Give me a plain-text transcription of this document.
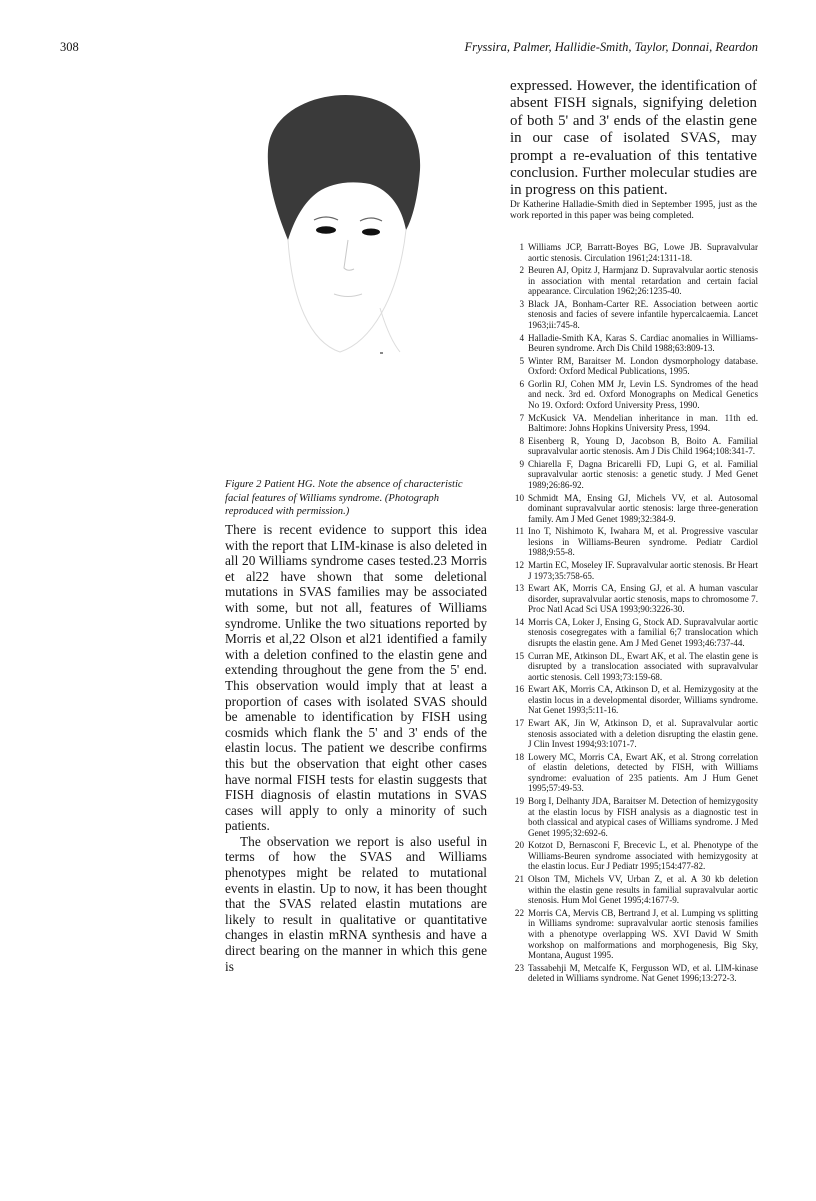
308	Fryssira, Palmer, Hallidie-Smith, Taylor, Donnai, Reardon

Figure 2 Patient HG. Note the absence of characteristic facial features of Williams syndrome. (Photograph reproduced with permission.)

There is recent evidence to support this idea with the report that LIM-kinase is also deleted in all 20 Williams syndrome cases tested.23 Morris et al22 have shown that some deletional mutations in SVAS families may be associated with some, but not all, features of Williams syndrome. Unlike the two situations reported by Morris et al,22 Olson et al21 identified a family with a deletion confined to the elastin gene and extending throughout the gene from the 5' end. This observation would imply that at least a proportion of cases with isolated SVAS should be amenable to identification by FISH using cosmids which flank the 5' and 3' ends of the elastin locus. The patient we describe confirms this but the observation that eight other cases have normal FISH tests for elastin suggests that FISH diagnosis of elastin mutations in SVAS cases will apply to only a minority of such patients.

The observation we report is also useful in terms of how the SVAS and Williams phenotypes might be related to mutational events in elastin. Up to now, it has been thought that the SVAS related elastin mutations are likely to result in qualitative or quantitative changes in elastin mRNA synthesis and have a direct bearing on the manner in which this gene is

expressed. However, the identification of absent FISH signals, signifying deletion of both 5' and 3' ends of the elastin gene in our case of isolated SVAS, may prompt a re-evaluation of this tentative conclusion. Further molecular studies are in progress on this patient.

Dr Katherine Halladie-Smith died in September 1995, just as the work reported in this paper was being completed.

1 Williams JCP, Barratt-Boyes BG, Lowe JB. Supravalvular aortic stenosis. Circulation 1961;24:1311-18.
2 Beuren AJ, Opitz J, Harmjanz D. Supravalvular aortic stenosis in association with mental retardation and certain facial appearance. Circulation 1962;26:1235-40.
3 Black JA, Bonham-Carter RE. Association between aortic stenosis and facies of severe infantile hypercalcaemia. Lancet 1963;ii:745-8.
4 Halladie-Smith KA, Karas S. Cardiac anomalies in Williams-Beuren syndrome. Arch Dis Child 1988;63:809-13.
5 Winter RM, Baraitser M. London dysmorphology database. Oxford: Oxford Medical Publications, 1995.
6 Gorlin RJ, Cohen MM Jr, Levin LS. Syndromes of the head and neck. 3rd ed. Oxford Monographs on Medical Genetics No 19. Oxford: Oxford University Press, 1990.
7 McKusick VA. Mendelian inheritance in man. 11th ed. Baltimore: Johns Hopkins University Press, 1994.
8 Eisenberg R, Young D, Jacobson B, Boito A. Familial supravalvular aortic stenosis. Am J Dis Child 1964;108:341-7.
9 Chiarella F, Dagna Bricarelli FD, Lupi G, et al. Familial supravalvular aortic stenosis: a genetic study. J Med Genet 1989;26:86-92.
10 Schmidt MA, Ensing GJ, Michels VV, et al. Autosomal dominant supravalvular aortic stenosis: large three-generation family. Am J Med Genet 1989;32:384-9.
11 Ino T, Nishimoto K, Iwahara M, et al. Progressive vascular lesions in Williams-Beuren syndrome. Pediatr Cardiol 1988;9:55-8.
12 Martin EC, Moseley IF. Supravalvular aortic stenosis. Br Heart J 1973;35:758-65.
13 Ewart AK, Morris CA, Ensing GJ, et al. A human vascular disorder, supravalvular aortic stenosis, maps to chromosome 7. Proc Natl Acad Sci USA 1993;90:3226-30.
14 Morris CA, Loker J, Ensing G, Stock AD. Supravalvular aortic stenosis cosegregates with a familial 6;7 translocation which disrupts the elastin gene. Am J Med Genet 1993;46:737-44.
15 Curran ME, Atkinson DL, Ewart AK, et al. The elastin gene is disrupted by a translocation associated with supravalvular aortic stenosis. Cell 1993;73:159-68.
16 Ewart AK, Morris CA, Atkinson D, et al. Hemizygosity at the elastin locus in a developmental disorder, Williams syndrome. Nat Genet 1993;5:11-16.
17 Ewart AK, Jin W, Atkinson D, et al. Supravalvular aortic stenosis associated with a deletion disrupting the elastin gene. J Clin Invest 1994;93:1071-7.
18 Lowery MC, Morris CA, Ewart AK, et al. Strong correlation of elastin deletions, detected by FISH, with Williams syndrome: evaluation of 235 patients. Am J Hum Genet 1995;57:49-53.
19 Borg I, Delhanty JDA, Baraitser M. Detection of hemizygosity at the elastin locus by FISH analysis as a diagnostic test in both classical and atypical cases of Williams syndrome. J Med Genet 1995;32:692-6.
20 Kotzot D, Bernasconi F, Brecevic L, et al. Phenotype of the Williams-Beuren syndrome associated with hemizygosity at the elastin locus. Eur J Pediatr 1995;154:477-82.
21 Olson TM, Michels VV, Urban Z, et al. A 30 kb deletion within the elastin gene results in familial supravalvular aortic stenosis. Hum Mol Genet 1995;4:1677-9.
22 Morris CA, Mervis CB, Bertrand J, et al. Lumping vs splitting in Williams syndrome: supravalvular aortic stenosis families with a phenotype overlapping WS. XVI David W Smith workshop on malformations and morphogenesis, Big Sky, Montana, August 1995.
23 Tassabehji M, Metcalfe K, Fergusson WD, et al. LIM-kinase deleted in Williams syndrome. Nat Genet 1996;13:272-3.
